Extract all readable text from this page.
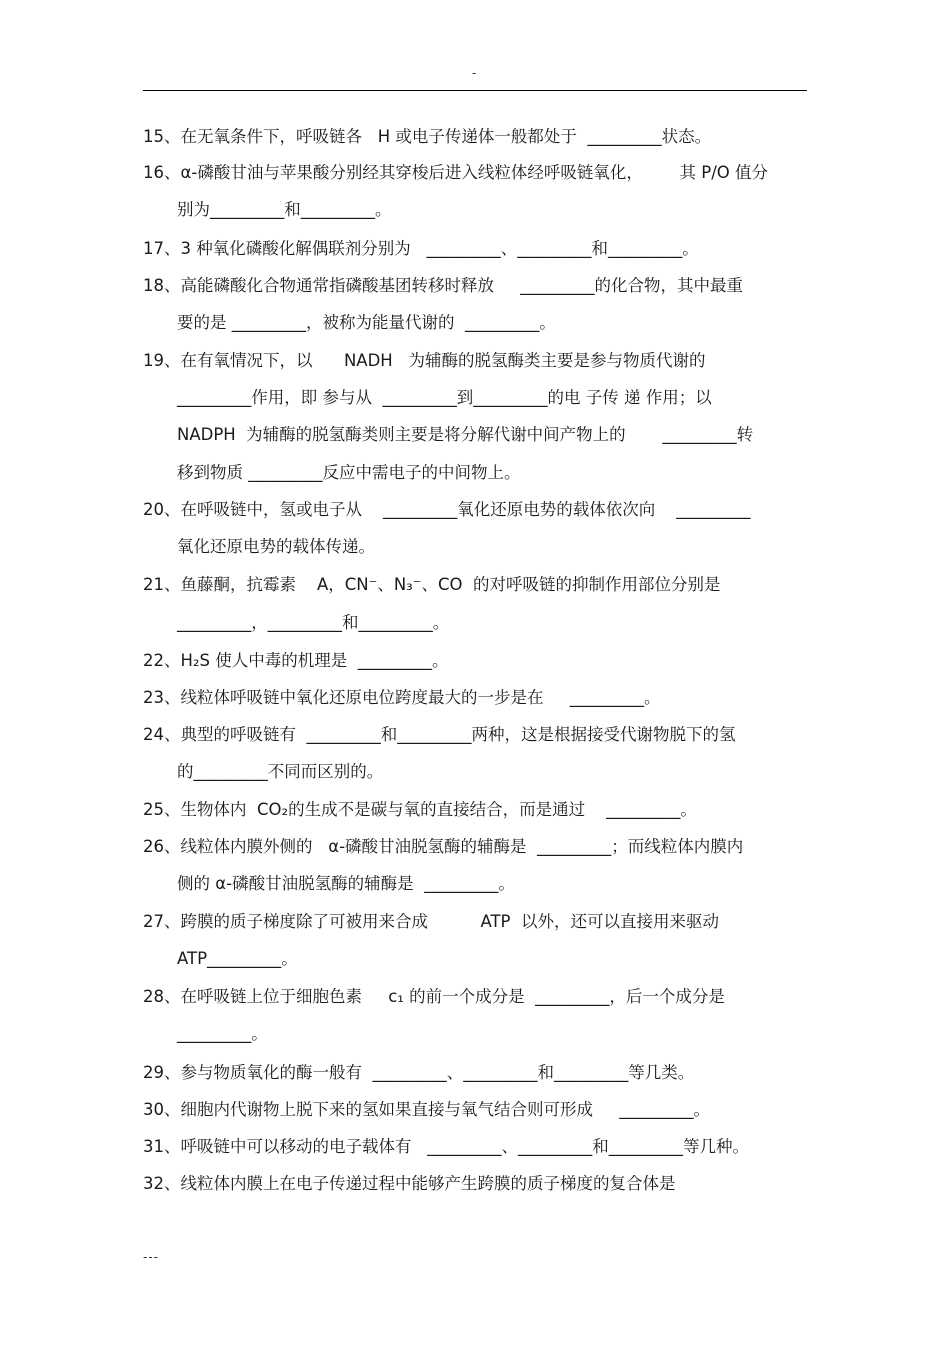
-
15、在无氧条件下，呼吸链各   H 或电子传递体一般都处于  _________状态。
16、α-磷酸甘油与苹果酸分别经其穿梭后进入线粒体经呼吸链氧化，       其 P/O 值分
别为_________和_________。
17、3 种氧化磷酸化解偶联剂分别为   _________、_________和_________。
18、高能磷酸化合物通常指磷酸基团转移时释放     _________的化合物，其中最重
要的是 _________，被称为能量代谢的  _________。
19、在有氧情况下，以      NADH   为辅酶的脱氢酶类主要是参与物质代谢的
_________作用，即 参与从  _________到_________的电 子传 递 作用；以
NADPH  为辅酶的脱氢酶类则主要是将分解代谢中间产物上的       _________转
移到物质 _________反应中需电子的中间物上。
20、在呼吸链中，氢或电子从    _________氧化还原电势的载体依次向    _________
氧化还原电势的载体传递。
21、鱼藤酮，抗霉素    A，CN⁻、N₃⁻、CO  的对呼吸链的抑制作用部位分别是
_________，_________和_________。
22、H₂S 使人中毒的机理是  _________。
23、线粒体呼吸链中氧化还原电位跨度最大的一步是在     _________。
24、典型的呼吸链有  _________和_________两种，这是根据接受代谢物脱下的氢
的_________不同而区别的。
25、生物体内  CO₂的生成不是碳与氧的直接结合，而是通过    _________。
26、线粒体内膜外侧的   α-磷酸甘油脱氢酶的辅酶是  _________；而线粒体内膜内
侧的 α-磷酸甘油脱氢酶的辅酶是  _________。
27、跨膜的质子梯度除了可被用来合成          ATP  以外，还可以直接用来驱动
ATP_________。
28、在呼吸链上位于细胞色素     c₁ 的前一个成分是  _________，后一个成分是
_________。
29、参与物质氧化的酶一般有  _________、_________和_________等几类。
30、细胞内代谢物上脱下来的氢如果直接与氧气结合则可形成     _________。
31、呼吸链中可以移动的电子载体有   _________、_________和_________等几种。
32、线粒体内膜上在电子传递过程中能够产生跨膜的质子梯度的复合体是
---
